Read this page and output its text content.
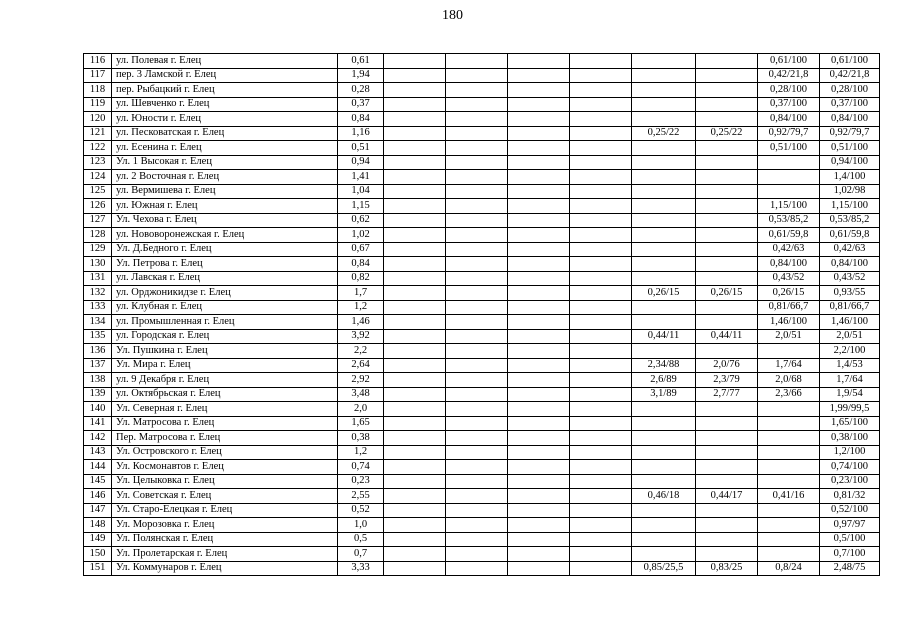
180
116	ул. Полевая г. Елец	0,61							0,61/100	0,61/100
117	пер. 3 Ламской г. Елец	1,94							0,42/21,8	0,42/21,8
118	пер. Рыбацкий г. Елец	0,28							0,28/100	0,28/100
119	ул. Шевченко г. Елец	0,37							0,37/100	0,37/100
120	ул. Юности г. Елец	0,84							0,84/100	0,84/100
121	ул. Песковатская г. Елец	1,16					0,25/22	0,25/22	0,92/79,7	0,92/79,7
122	ул. Есенина г. Елец	0,51							0,51/100	0,51/100
123	Ул. 1 Высокая г. Елец	0,94								0,94/100
124	ул. 2 Восточная г. Елец	1,41								1,4/100
125	ул. Вермишева г. Елец	1,04								1,02/98
126	ул. Южная г. Елец	1,15							1,15/100	1,15/100
127	Ул. Чехова г. Елец	0,62							0,53/85,2	0,53/85,2
128	ул. Нововоронежская г. Елец	1,02							0,61/59,8	0,61/59,8
129	Ул. Д.Бедного г. Елец	0,67							0,42/63	0,42/63
130	Ул. Петрова г. Елец	0,84							0,84/100	0,84/100
131	ул. Лавская г. Елец	0,82							0,43/52	0,43/52
132	ул. Орджоникидзе г. Елец	1,7					0,26/15	0,26/15	0,26/15	0,93/55
133	ул. Клубная г. Елец	1,2							0,81/66,7	0,81/66,7
134	ул. Промышленная г. Елец	1,46							1,46/100	1,46/100
135	ул. Городская г. Елец	3,92					0,44/11	0,44/11	2,0/51	2,0/51
136	Ул. Пушкина г. Елец	2,2								2,2/100
137	Ул. Мира г. Елец	2,64					2,34/88	2,0/76	1,7/64	1,4/53
138	ул. 9 Декабря г. Елец	2,92					2,6/89	2,3/79	2,0/68	1,7/64
139	ул. Октябрьская г. Елец	3,48					3,1/89	2,7/77	2,3/66	1,9/54
140	Ул. Северная г. Елец	2,0								1,99/99,5
141	Ул. Матросова г. Елец	1,65								1,65/100
142	Пер. Матросова г. Елец	0,38								0,38/100
143	Ул. Островского г. Елец	1,2								1,2/100
144	Ул. Космонавтов г. Елец	0,74								0,74/100
145	Ул. Целыковка г. Елец	0,23								0,23/100
146	Ул. Советская г. Елец	2,55					0,46/18	0,44/17	0,41/16	0,81/32
147	Ул. Старо-Елецкая г. Елец	0,52								0,52/100
148	Ул. Морозовка г. Елец	1,0								0,97/97
149	Ул. Полянская г. Елец	0,5								0,5/100
150	Ул. Пролетарская г. Елец	0,7								0,7/100
151	Ул. Коммунаров г. Елец	3,33					0,85/25,5	0,83/25	0,8/24	2,48/75
